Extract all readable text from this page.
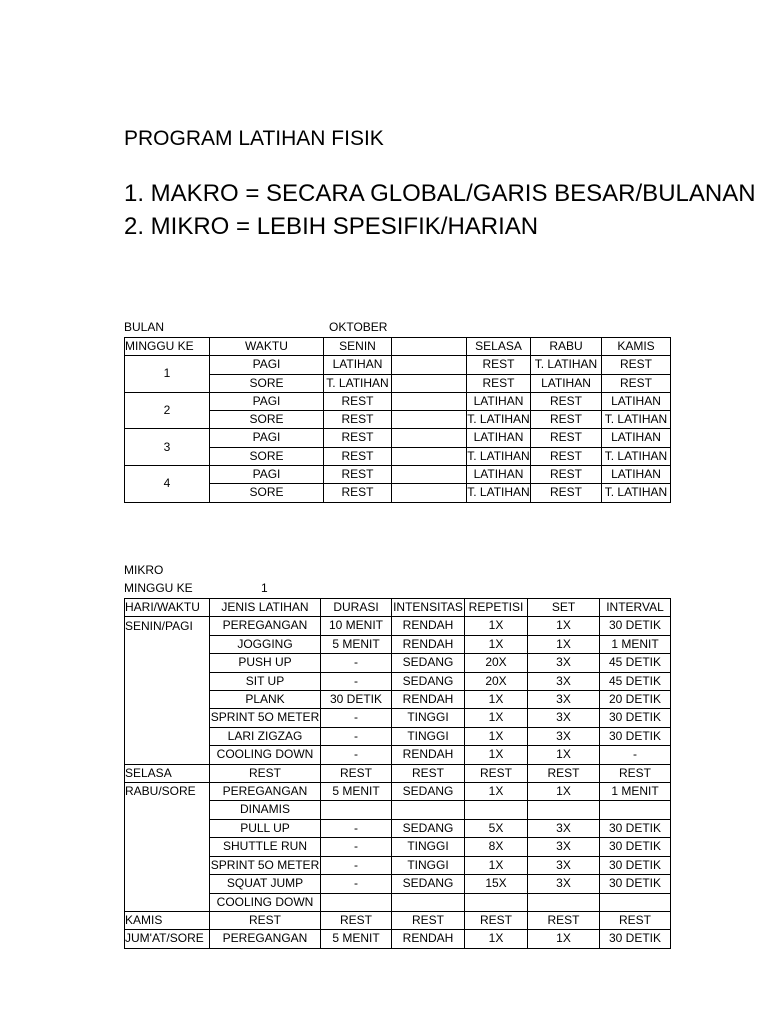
PROGRAM LATIHAN FISIK
1. MAKRO = SECARA GLOBAL/GARIS BESAR/BULANAN
2. MIKRO = LEBIH SPESIFIK/HARIAN
BULAN	OKTOBER
MINGGU KE	WAKTU	SENIN		SELASA	RABU	KAMIS
1	PAGI	LATIHAN		REST	T. LATIHAN	REST
	SORE	T. LATIHAN		REST	LATIHAN	REST
2	PAGI	REST		LATIHAN	REST	LATIHAN
	SORE	REST		T. LATIHAN	REST	T. LATIHAN
3	PAGI	REST		LATIHAN	REST	LATIHAN
	SORE	REST		T. LATIHAN	REST	T. LATIHAN
4	PAGI	REST		LATIHAN	REST	LATIHAN
	SORE	REST		T. LATIHAN	REST	T. LATIHAN
MIKRO
MINGGU KE	1
HARI/WAKTU	JENIS LATIHAN	DURASI	INTENSITAS	REPETISI	SET	INTERVAL
SENIN/PAGI	PEREGANGAN	10 MENIT	RENDAH	1X	1X	30 DETIK
	JOGGING	5 MENIT	RENDAH	1X	1X	1 MENIT
	PUSH UP	-	SEDANG	20X	3X	45 DETIK
	SIT UP	-	SEDANG	20X	3X	45 DETIK
	PLANK	30 DETIK	RENDAH	1X	3X	20 DETIK
	SPRINT 5O METER	-	TINGGI	1X	3X	30 DETIK
	LARI ZIGZAG	-	TINGGI	1X	3X	30 DETIK
	COOLING DOWN	-	RENDAH	1X	1X	-
SELASA	REST	REST	REST	REST	REST	REST
RABU/SORE	PEREGANGAN	5 MENIT	SEDANG	1X	1X	1 MENIT
	DINAMIS					
	PULL UP	-	SEDANG	5X	3X	30 DETIK
	SHUTTLE RUN	-	TINGGI	8X	3X	30 DETIK
	SPRINT 5O METER	-	TINGGI	1X	3X	30 DETIK
	SQUAT JUMP	-	SEDANG	15X	3X	30 DETIK
	COOLING DOWN					
KAMIS	REST	REST	REST	REST	REST	REST
JUM'AT/SORE	PEREGANGAN	5 MENIT	RENDAH	1X	1X	30 DETIK
